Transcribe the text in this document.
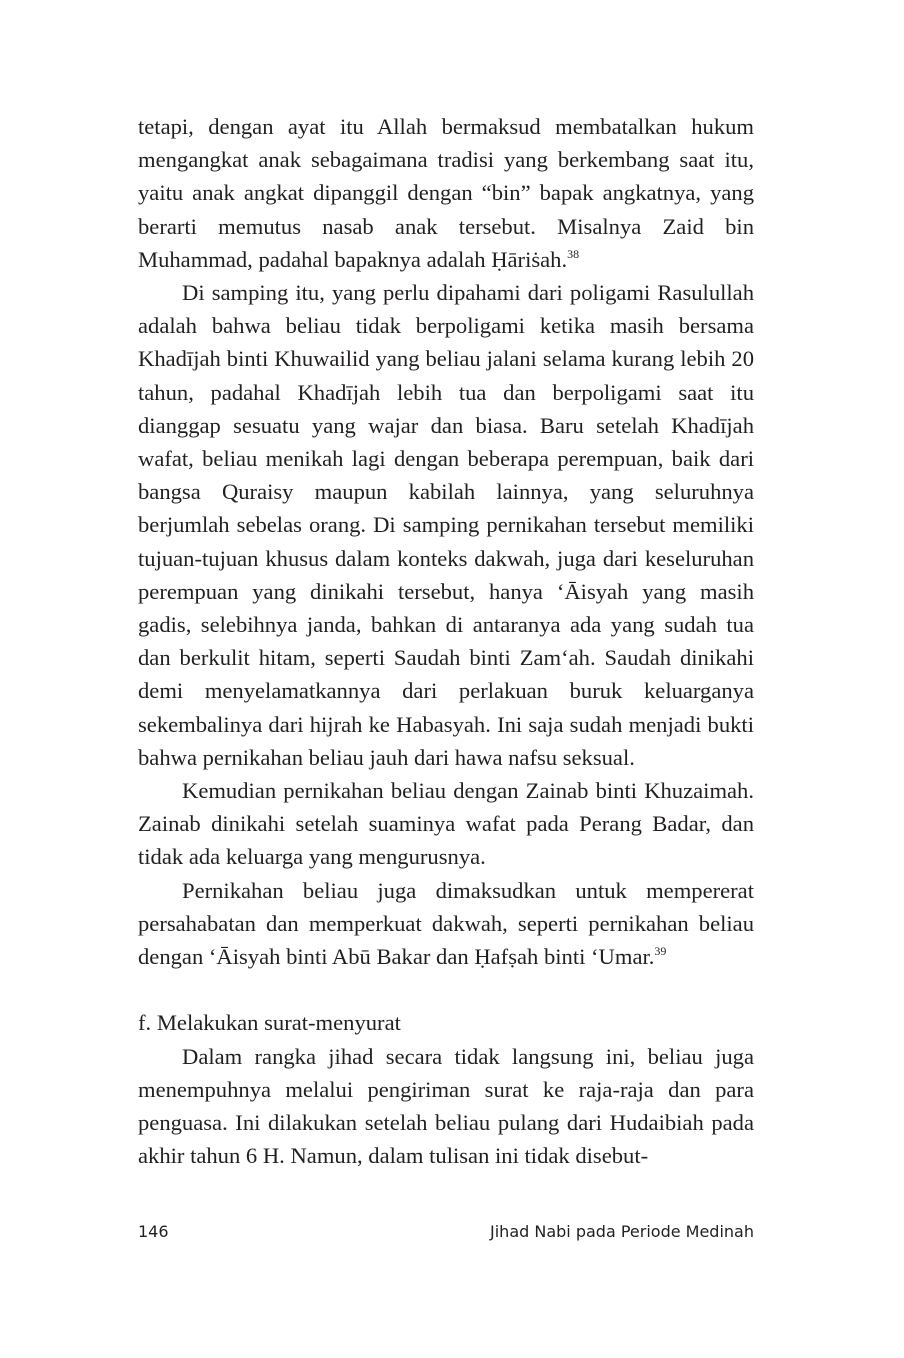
tetapi, dengan ayat itu Allah bermaksud membatalkan hukum mengangkat anak sebagaimana tradisi yang berkembang saat itu, yaitu anak angkat dipanggil dengan “bin” bapak angkatnya, yang berarti memutus nasab anak tersebut. Misalnya Zaid bin Muhammad, padahal bapaknya adalah Ḥāriṡah.$^{38}$

Di samping itu, yang perlu dipahami dari poligami Rasulullah adalah bahwa beliau tidak berpoligami ketika masih bersama Khadījah binti Khuwailid yang beliau jalani selama kurang lebih 20 tahun, padahal Khadījah lebih tua dan berpoligami saat itu dianggap sesuatu yang wajar dan biasa. Baru setelah Khadījah wafat, beliau menikah lagi dengan beberapa perempuan, baik dari bangsa Quraisy maupun kabilah lainnya, yang seluruhnya berjumlah sebelas orang. Di samping pernikahan tersebut memiliki tujuan-tujuan khusus dalam konteks dakwah, juga dari keseluruhan perempuan yang dinikahi tersebut, hanya ‘Āisyah yang masih gadis, selebihnya janda, bahkan di antaranya ada yang sudah tua dan berkulit hitam, seperti Saudah binti Zam‘ah. Saudah dinikahi demi menyelamatkannya dari perlakuan buruk keluarganya sekembalinya dari hijrah ke Habasyah. Ini saja sudah menjadi bukti bahwa pernikahan beliau jauh dari hawa nafsu seksual.

Kemudian pernikahan beliau dengan Zainab binti Khuzaimah. Zainab dinikahi setelah suaminya wafat pada Perang Badar, dan tidak ada keluarga yang mengurusnya.

Pernikahan beliau juga dimaksudkan untuk mempererat persahabatan dan memperkuat dakwah, seperti pernikahan beliau dengan ‘Āisyah binti Abū Bakar dan Ḥafṣah binti ‘Umar.$^{39}$

f. Melakukan surat-menyurat

Dalam rangka jihad secara tidak langsung ini, beliau juga menempuhnya melalui pengiriman surat ke raja-raja dan para penguasa. Ini dilakukan setelah beliau pulang dari Hudaibiah pada akhir tahun 6 H. Namun, dalam tulisan ini tidak disebut-

146	Jihad Nabi pada Periode Medinah
